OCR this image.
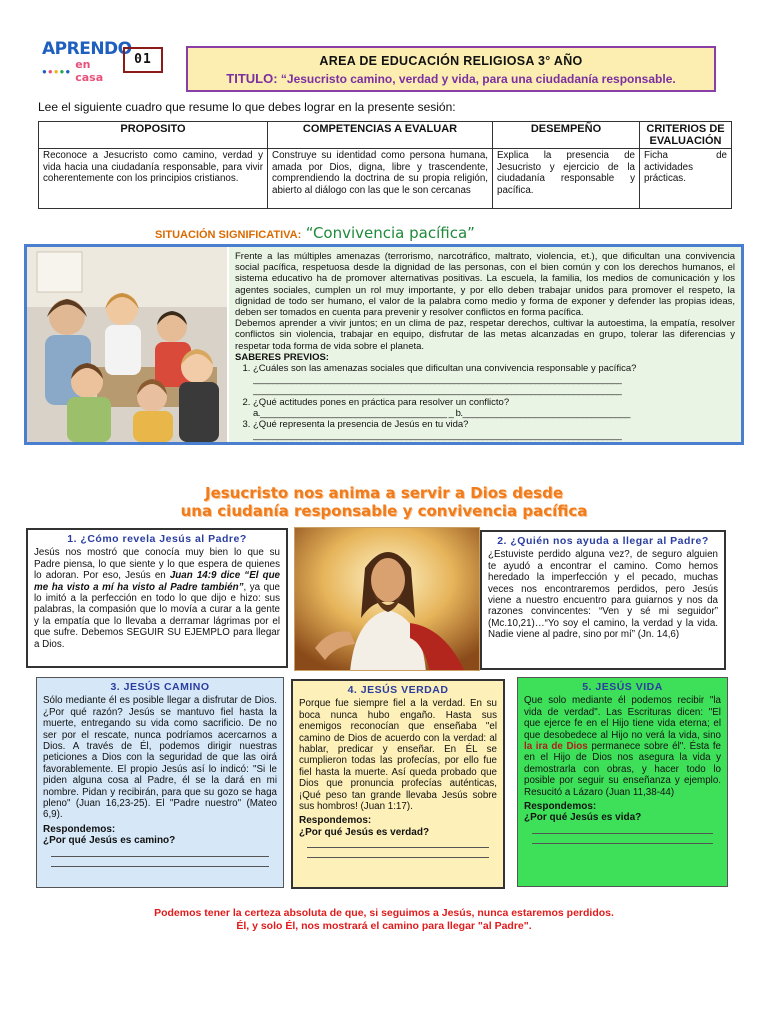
APRENDO
●●●●● en casa
01	AREA DE EDUCACIÓN RELIGIOSA 3° AÑO
TITULO: “Jesucristo camino, verdad y vida, para una ciudadanía responsable.
Lee el siguiente cuadro que resume lo que debes lograr en la presente sesión:
PROPOSITO	COMPETENCIAS A EVALUAR	DESEMPEÑO	CRITERIOS DE EVALUACIÓN
Reconoce a Jesucristo como camino, verdad y vida hacia una ciudadanía responsable, para vivir coherentemente con los principios cristianos.	Construye su identidad como persona humana, amada por Dios, digna, libre y trascendente, comprendiendo la doctrina de su propia religión, abierto al diálogo con las que le son cercanas	Explica la presencia de Jesucristo y ejercicio de la ciudadanía responsable y pacífica.	Ficha de actividades prácticas.
SITUACIÓN SIGNIFICATIVA: “Convivencia pacífica”

Frente a las múltiples amenazas (terrorismo, narcotráfico, maltrato, violencia, et.), que dificultan una convivencia social pacífica, respetuosa desde la dignidad de las personas, con el bien común y con los derechos humanos, el sistema educativo ha de promover alternativas positivas. La escuela, la familia, los medios de comunicación y los agentes sociales, cumplen un rol muy importante, y por ello deben trabajar unidos para promover el respeto, la dignidad de todo ser humano, el valor de la palabra como medio y forma de exponer y defender las propias ideas, deben ser tomados en cuenta para prevenir y resolver conflictos en forma pacífica.

Debemos aprender a vivir juntos; en un clima de paz, respetar derechos, cultivar la autoestima, la empatía, resolver conflictos sin violencia, trabajar en equipo, disfrutar de las metas alcanzadas en grupo, tolerar las diferencias y respetar toda forma de vida sobre el planeta.

SABERES PREVIOS:

1. ¿Cuáles son las amenazas sociales que dificultan una convivencia responsable y pacífica?
_____________________________________________________________________________
_____________________________________________________________________________
2. ¿Qué actitudes pones en práctica para resolver un conflicto?
a._______________________________________ _ b.___________________________________
3. ¿Qué representa la presencia de Jesús en tu vida?
_____________________________________________________________________________
Jesucristo nos anima a servir a Dios desde
una ciudanía responsable y convivencia pacífica
1. ¿Cómo revela Jesús al Padre?

Jesús nos mostró que conocía muy bien lo que su Padre piensa, lo que siente y lo que espera de quienes lo adoran. Por eso, Jesús en Juan 14:9 dice “El que me ha visto a mí ha visto al Padre también”, ya que lo imitó a la perfección en todo lo que dijo e hizo: sus palabras, la compasión que lo movía a curar a la gente y la empatía que lo llevaba a derramar lágrimas por el que sufre. Debemos SEGUIR SU EJEMPLO para llegar a Dios.

2. ¿Quién nos ayuda a llegar al Padre?

¿Estuviste perdido alguna vez?, de seguro alguien te ayudó a encontrar el camino. Como hemos heredado la imperfección y el pecado, muchas veces nos encontraremos perdidos, pero Jesús viene a nuestro encuentro para guiarnos y nos da razones convincentes: “Ven y sé mi seguidor” (Mc.10,21)…“Yo soy el camino, la verdad y la vida. Nadie viene al padre, sino por mí” (Jn. 14,6)

3. JESÚS CAMINO

Sólo mediante él es posible llegar a disfrutar de Dios. ¿Por qué razón? Jesús se mantuvo fiel hasta la muerte, entregando su vida como sacrificio. De no ser por el rescate, nunca podríamos acercarnos a Dios. A través de Él, podemos dirigir nuestras peticiones a Dios con la seguridad de que las oirá favorablemente. El propio Jesús así lo indicó: "Si le piden alguna cosa al Padre, él se la dará en mi nombre. Pidan y recibirán, para que su gozo se haga pleno" (Juan 16,23-25). El "Padre nuestro" (Mateo 6,9).

Respondemos:
¿Por qué Jesús es camino?
4. JESÚS VERDAD

Porque fue siempre fiel a la verdad. En su boca nunca hubo engaño. Hasta sus enemigos reconocían que enseñaba "el camino de Dios de acuerdo con la verdad: al hablar, predicar y enseñar. En ÉL se cumplieron todas las profecías, por ello fue fiel hasta la muerte. Así queda probado que Dios que pronuncia profecías auténticas, ¡Qué peso tan grande llevaba Jesús sobre sus hombros! (Juan 1:17).

Respondemos:
¿Por qué Jesús es verdad?
5. JESÚS VIDA

Que solo mediante él podemos recibir "la vida de verdad". Las Escrituras dicen: "El que ejerce fe en el Hijo tiene vida eterna; el que desobedece al Hijo no verá la vida, sino la ira de Dios permanece sobre él". Ésta fe en el Hijo de Dios nos asegura la vida y demostrarla con obras, y hacer todo lo posible por seguir su enseñanza y ejemplo. Resucitó a Lázaro (Juan 11,38-44)

Respondemos:
¿Por qué Jesús es vida?
Podemos tener la certeza absoluta de que, si seguimos a Jesús, nunca estaremos perdidos.
Él, y solo Él, nos mostrará el camino para llegar "al Padre".
